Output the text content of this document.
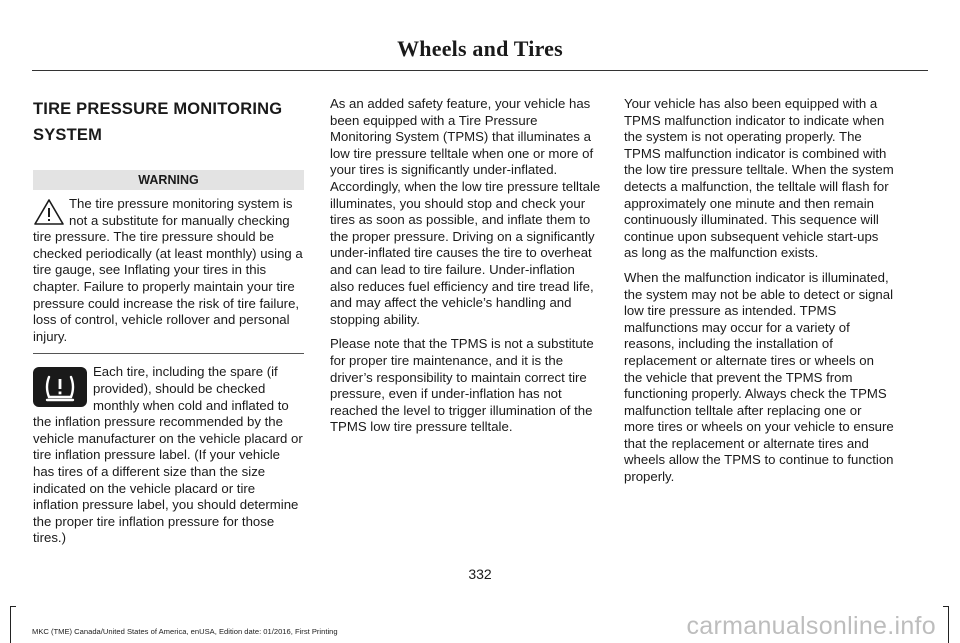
Wheels and Tires
TIRE PRESSURE MONITORING
SYSTEM
WARNING

The tire pressure monitoring system is not a substitute for manually checking tire pressure. The tire pressure should be checked periodically (at least monthly) using a tire gauge, see Inflating your tires in this chapter. Failure to properly maintain your tire pressure could increase the risk of tire failure, loss of control, vehicle rollover and personal injury.

Each tire, including the spare (if provided), should be checked monthly when cold and inflated to the inflation pressure recommended by the vehicle manufacturer on the vehicle placard or tire inflation pressure label. (If your vehicle has tires of a different size than the size indicated on the vehicle placard or tire inflation pressure label, you should determine the proper tire inflation pressure for those tires.)

As an added safety feature, your vehicle has been equipped with a Tire Pressure Monitoring System (TPMS) that illuminates a low tire pressure telltale when one or more of your tires is significantly under-inflated. Accordingly, when the low tire pressure telltale illuminates, you should stop and check your tires as soon as possible, and inflate them to the proper pressure. Driving on a significantly under-inflated tire causes the tire to overheat and can lead to tire failure. Under-inflation also reduces fuel efficiency and tire tread life, and may affect the vehicle’s handling and stopping ability.

Please note that the TPMS is not a substitute for proper tire maintenance, and it is the driver’s responsibility to maintain correct tire pressure, even if under-inflation has not reached the level to trigger illumination of the TPMS low tire pressure telltale.

Your vehicle has also been equipped with a TPMS malfunction indicator to indicate when the system is not operating properly. The TPMS malfunction indicator is combined with the low tire pressure telltale. When the system detects a malfunction, the telltale will flash for approximately one minute and then remain continuously illuminated. This sequence will continue upon subsequent vehicle start-ups as long as the malfunction exists.

When the malfunction indicator is illuminated, the system may not be able to detect or signal low tire pressure as intended. TPMS malfunctions may occur for a variety of reasons, including the installation of replacement or alternate tires or wheels on the vehicle that prevent the TPMS from functioning properly. Always check the TPMS malfunction telltale after replacing one or more tires or wheels on your vehicle to ensure that the replacement or alternate tires and wheels allow the TPMS to continue to function properly.

332
MKC (TME) Canada/United States of America, enUSA, Edition date: 01/2016, First Printing	carmanualsonline.info
